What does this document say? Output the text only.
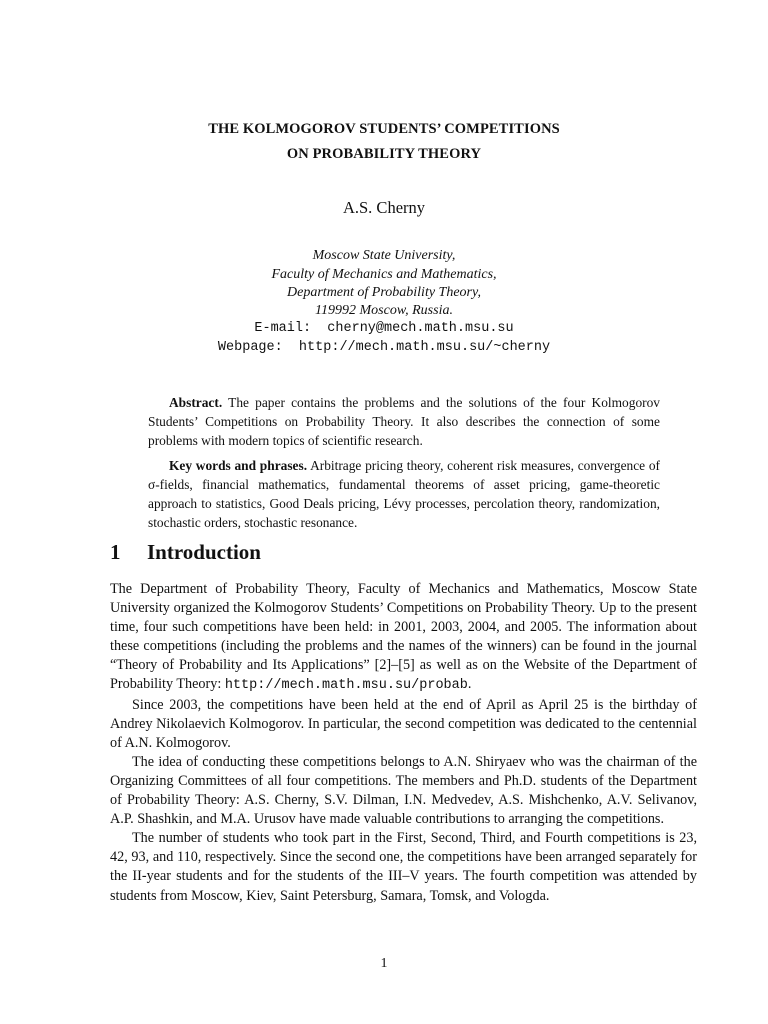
THE KOLMOGOROV STUDENTS’ COMPETITIONS
ON PROBABILITY THEORY
A.S. Cherny
Moscow State University,
Faculty of Mechanics and Mathematics,
Department of Probability Theory,
119992 Moscow, Russia.
E-mail:  cherny@mech.math.msu.su
Webpage:  http://mech.math.msu.su/~cherny

Abstract. The paper contains the problems and the solutions of the four Kolmogorov Students’ Competitions on Probability Theory. It also describes the connection of some problems with modern topics of scientific research.

Key words and phrases. Arbitrage pricing theory, coherent risk measures, convergence of σ-fields, financial mathematics, fundamental theorems of asset pricing, game-theoretic approach to statistics, Good Deals pricing, Lévy processes, percolation theory, randomization, stochastic orders, stochastic resonance.

1 Introduction

The Department of Probability Theory, Faculty of Mechanics and Mathematics, Moscow State University organized the Kolmogorov Students’ Competitions on Probability Theory. Up to the present time, four such competitions have been held: in 2001, 2003, 2004, and 2005. The information about these competitions (including the problems and the names of the winners) can be found in the journal “Theory of Probability and Its Applications” [2]–[5] as well as on the Website of the Department of Probability Theory: http://mech.math.msu.su/probab.

Since 2003, the competitions have been held at the end of April as April 25 is the birthday of Andrey Nikolaevich Kolmogorov. In particular, the second competition was dedicated to the centennial of A.N. Kolmogorov.

The idea of conducting these competitions belongs to A.N. Shiryaev who was the chairman of the Organizing Committees of all four competitions. The members and Ph.D. students of the Department of Probability Theory: A.S. Cherny, S.V. Dilman, I.N. Medvedev, A.S. Mishchenko, A.V. Selivanov, A.P. Shashkin, and M.A. Urusov have made valuable contributions to arranging the competitions.

The number of students who took part in the First, Second, Third, and Fourth competitions is 23, 42, 93, and 110, respectively. Since the second one, the competitions have been arranged separately for the II-year students and for the students of the III–V years. The fourth competition was attended by students from Moscow, Kiev, Saint Petersburg, Samara, Tomsk, and Vologda.

1
